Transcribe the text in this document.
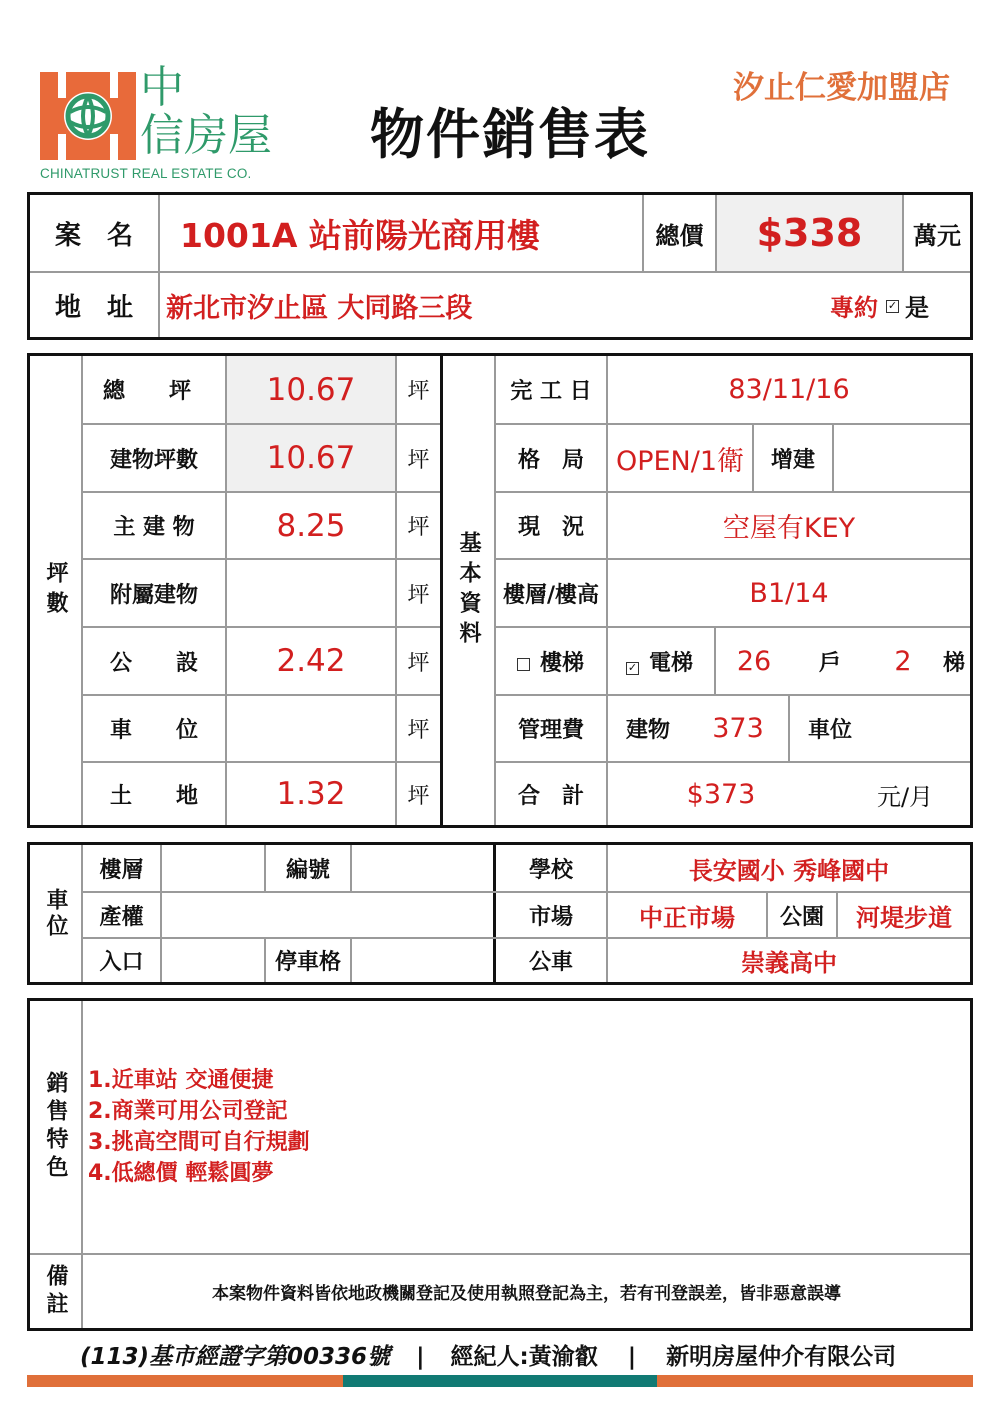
中
信房屋
CHINATRUST REAL ESTATE CO.
物件銷售表
汐止仁愛加盟店
案　名	1001A 站前陽光商用樓	總價	$338	萬元
地　址	新北市汐止區 大同路三段	專約 ✓ 是
坪數
總　　坪	10.67	坪
建物坪數	10.67	坪
主 建 物	8.25	坪
附屬建物	坪
公　　設	2.42	坪
車　　位	坪
土　　地	1.32	坪
基本資料
完 工 日	83/11/16
格　局	OPEN/1衛	增建
現　況	空屋有KEY
樓層/樓高	B1/14
樓梯	✓ 電梯	26	戶	2	梯
管理費	建物	373	車位
合　計	$373	元/月
車位
樓層	編號
產權
入口	停車格
學校	長安國小 秀峰國中
市場	中正市場	公園	河堤步道
公車	崇義高中
銷售特色 1.近車站 交通便捷
2.商業可用公司登記
3.挑高空間可自行規劃
4.低總價 輕鬆圓夢
備註	本案物件資料皆依地政機關登記及使用執照登記為主，若有刊登誤差，皆非惡意誤導
(113)基市經證字第00336號 | 經紀人:黃渝叡 | 新明房屋仲介有限公司
